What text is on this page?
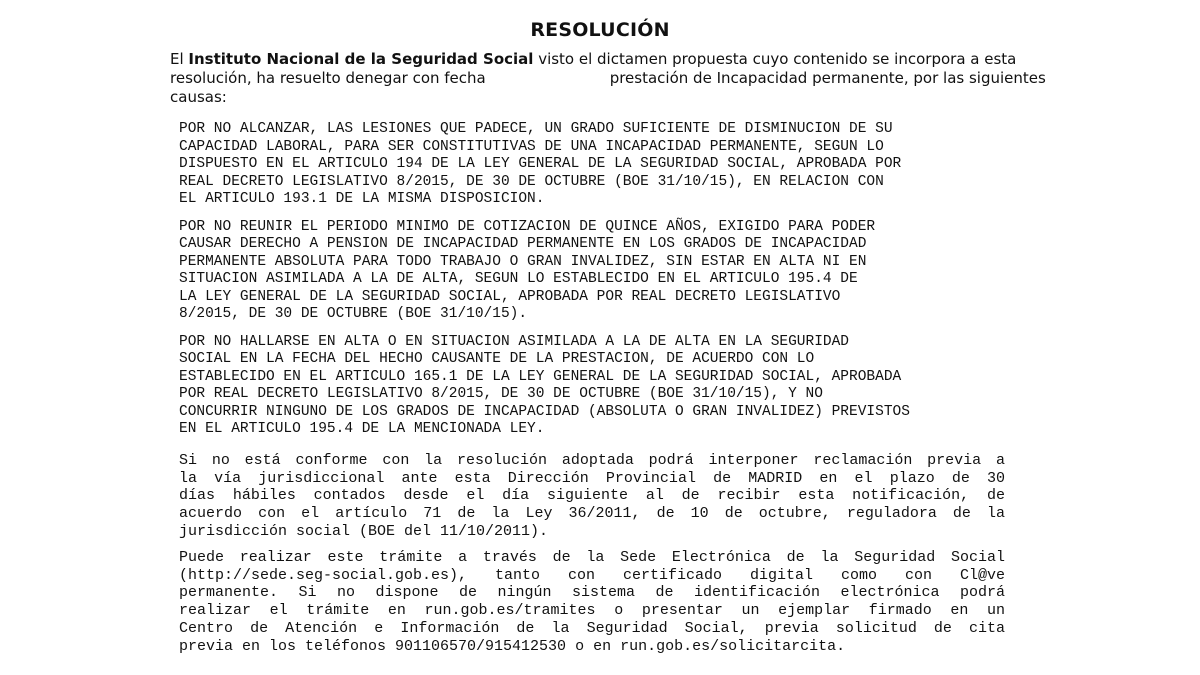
RESOLUCIÓN

El Instituto Nacional de la Seguridad Social visto el dictamen propuesta cuyo contenido se incorpora a esta

resolución, ha resuelto denegar con fecha                          prestación de Incapacidad permanente, por las siguientes

causas:

POR NO ALCANZAR, LAS LESIONES QUE PADECE, UN GRADO SUFICIENTE DE DISMINUCION DE SU
CAPACIDAD LABORAL, PARA SER CONSTITUTIVAS DE UNA INCAPACIDAD PERMANENTE, SEGUN LO
DISPUESTO EN EL ARTICULO 194 DE LA LEY GENERAL DE LA SEGURIDAD SOCIAL, APROBADA POR
REAL DECRETO LEGISLATIVO 8/2015, DE 30 DE OCTUBRE (BOE 31/10/15), EN RELACION CON
EL ARTICULO 193.1 DE LA MISMA DISPOSICION.
POR NO REUNIR EL PERIODO MINIMO DE COTIZACION DE QUINCE AÑOS, EXIGIDO PARA PODER
CAUSAR DERECHO A PENSION DE INCAPACIDAD PERMANENTE EN LOS GRADOS DE INCAPACIDAD
PERMANENTE ABSOLUTA PARA TODO TRABAJO O GRAN INVALIDEZ, SIN ESTAR EN ALTA NI EN
SITUACION ASIMILADA A LA DE ALTA, SEGUN LO ESTABLECIDO EN EL ARTICULO 195.4 DE
LA LEY GENERAL DE LA SEGURIDAD SOCIAL, APROBADA POR REAL DECRETO LEGISLATIVO
8/2015, DE 30 DE OCTUBRE (BOE 31/10/15).
POR NO HALLARSE EN ALTA O EN SITUACION ASIMILADA A LA DE ALTA EN LA SEGURIDAD
SOCIAL EN LA FECHA DEL HECHO CAUSANTE DE LA PRESTACION, DE ACUERDO CON LO
ESTABLECIDO EN EL ARTICULO 165.1 DE LA LEY GENERAL DE LA SEGURIDAD SOCIAL, APROBADA
POR REAL DECRETO LEGISLATIVO 8/2015, DE 30 DE OCTUBRE (BOE 31/10/15), Y NO
CONCURRIR NINGUNO DE LOS GRADOS DE INCAPACIDAD (ABSOLUTA O GRAN INVALIDEZ) PREVISTOS
EN EL ARTICULO 195.4 DE LA MENCIONADA LEY.
Si no está conforme con la resolución adoptada podrá interponer reclamación previa a
la vía jurisdiccional ante esta Dirección Provincial de MADRID en el plazo de 30
días hábiles contados desde el día siguiente al de recibir esta notificación, de
acuerdo con el artículo 71 de la Ley 36/2011, de 10 de octubre, reguladora de la
jurisdicción social (BOE del 11/10/2011).
Puede realizar este trámite a través de la Sede Electrónica de la Seguridad Social
(http://sede.seg-social.gob.es), tanto con certificado digital como con Cl@ve
permanente. Si no dispone de ningún sistema de identificación electrónica podrá
realizar el trámite en run.gob.es/tramites o presentar un ejemplar firmado en un
Centro de Atención e Información de la Seguridad Social, previa solicitud de cita
previa en los teléfonos 901106570/915412530 o en run.gob.es/solicitarcita.
